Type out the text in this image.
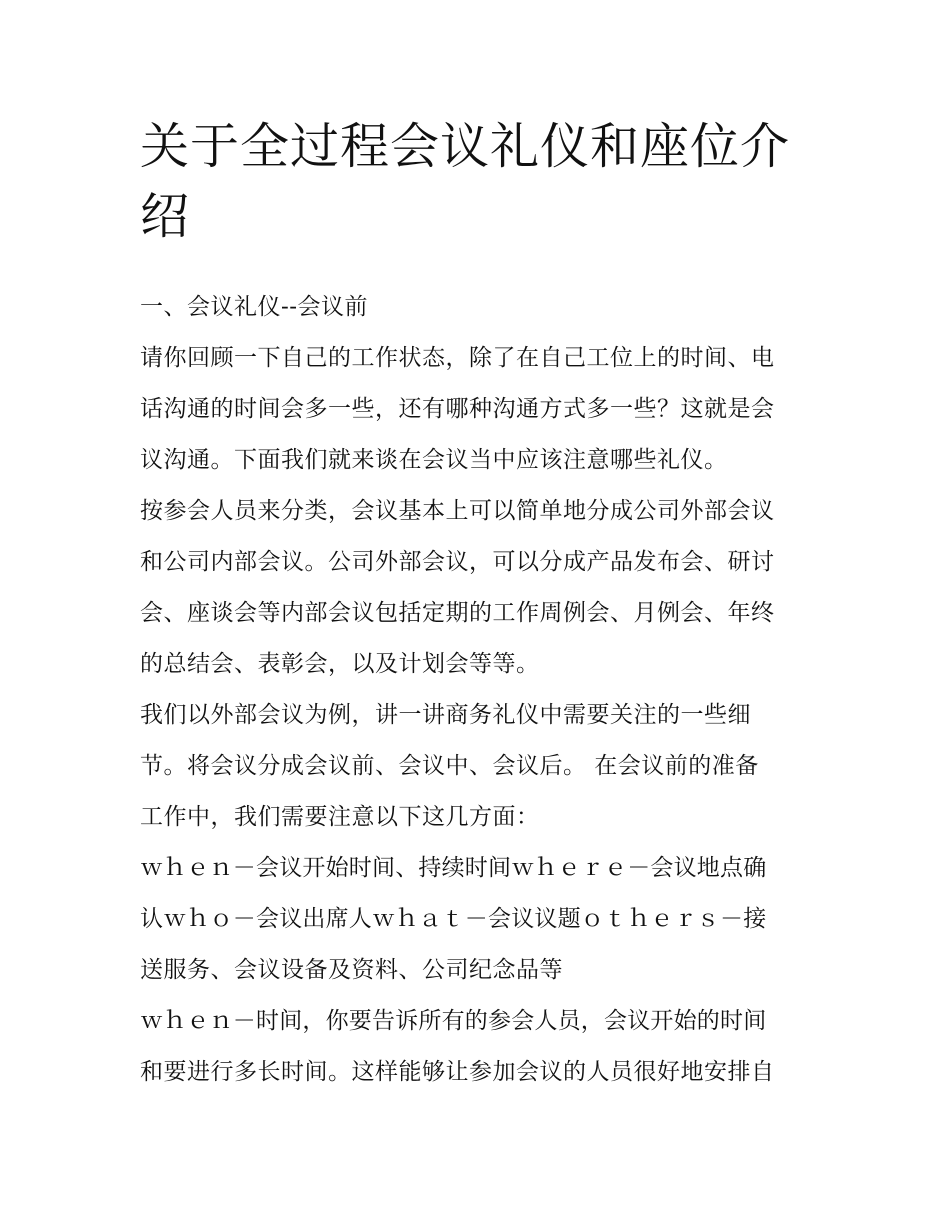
关于全过程会议礼仪和座位介绍

一、会议礼仪--会议前

请你回顾一下自己的工作状态，除了在自己工位上的时间、电

话沟通的时间会多一些，还有哪种沟通方式多一些？这就是会

议沟通。下面我们就来谈在会议当中应该注意哪些礼仪。

按参会人员来分类，会议基本上可以简单地分成公司外部会议

和公司内部会议。公司外部会议，可以分成产品发布会、研讨

会、座谈会等内部会议包括定期的工作周例会、月例会、年终

的总结会、表彰会，以及计划会等等。

我们以外部会议为例，讲一讲商务礼仪中需要关注的一些细

节。将会议分成会议前、会议中、会议后。 在会议前的准备

工作中，我们需要注意以下这几方面：

ｗｈｅｎ－会议开始时间、持续时间ｗｈｅｒｅ－会议地点确

认ｗｈｏ－会议出席人ｗｈａｔ－会议议题ｏｔｈｅｒｓ－接

送服务、会议设备及资料、公司纪念品等

ｗｈｅｎ－时间，你要告诉所有的参会人员，会议开始的时间

和要进行多长时间。这样能够让参加会议的人员很好地安排自
